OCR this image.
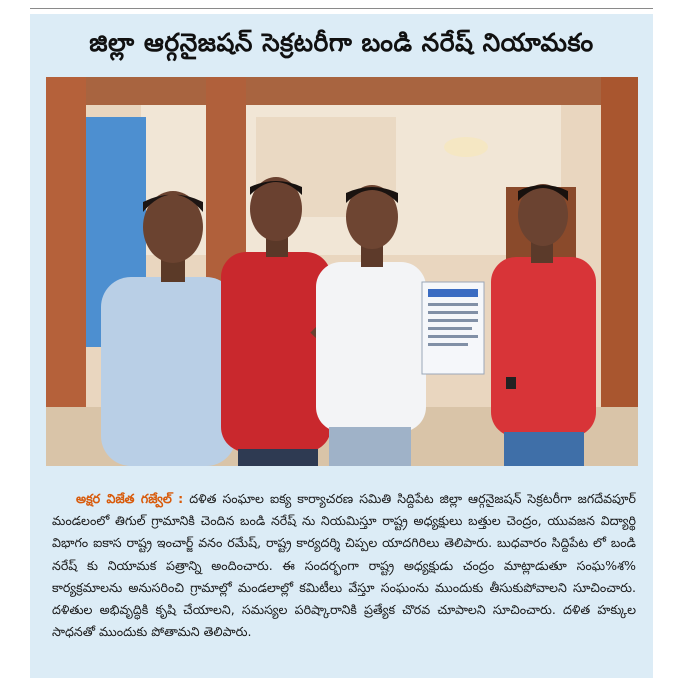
జిల్లా ఆర్గనైజషన్ సెక్రటరీగా బండి నరేష్ నియామకం
అక్షర విజేత గజ్వేల్ : దళిత సంఘాల ఐక్య కార్యాచరణ సమితి సిద్దిపేట జిల్లా ఆర్గనైజషన్ సెక్రటరీగా జగదేవపూర్ మండలంలో తిగుల్ గ్రామానికి చెందిన బండి నరేష్ ను నియమిస్తూ రాష్ట్ర అధ్యక్షులు బత్తుల చెంద్రం, యువజన విద్యార్థి విభాగం ఐకాస రాష్ట్ర ఇంచార్జ్ వనం రమేష్, రాష్ట్ర కార్యదర్శి చిప్పల యాదగిరిలు తెలిపారు. బుధవారం సిద్దిపేట లో బండి నరేష్ కు నియామక పత్రాన్ని అందించారు. ఈ సందర్భంగా రాష్ట్ర అధ్యక్షుడు చంద్రం మాట్లాడుతూ సంఘ%శ% కార్యక్రమాలను అనుసరించి గ్రామాల్లో మండలాల్లో కమిటీలు వేస్తూ సంఘంను ముందుకు తీసుకుపోవాలని సూచించారు. దళితుల అభివృద్ధికి కృషి చేయాలని, సమస్యల పరిష్కారానికి ప్రత్యేక చొరవ చూపాలని సూచించారు. దళిత హక్కుల సాధనతో ముందుకు పోతామని తెలిపారు.
